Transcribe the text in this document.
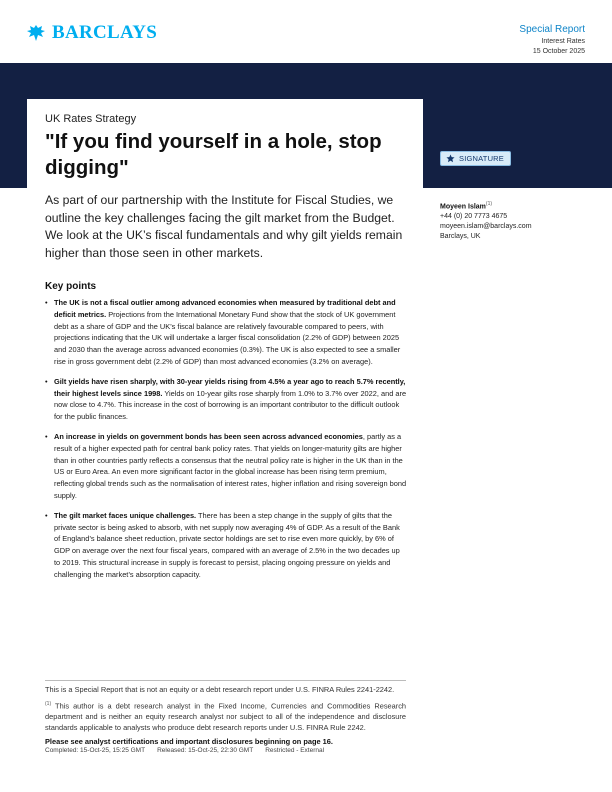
BARCLAYS	Special Report
Interest Rates
15 October 2025
UK Rates Strategy
"If you find yourself in a hole, stop digging"	SIGNATURE
Moyeen Islam$^{(1)}$
+44 (0) 20 7773 4675
moyeen.islam@barclays.com
Barclays, UK

As part of our partnership with the Institute for Fiscal Studies, we outline the key challenges facing the gilt market from the Budget. We look at the UK’s fiscal fundamentals and why gilt yields remain higher than those seen in other markets.

Key points
• The UK is not a fiscal outlier among advanced economies when measured by traditional debt and deficit metrics. Projections from the International Monetary Fund show that the stock of UK government debt as a share of GDP and the UK’s fiscal balance are relatively favourable compared to peers, with projections indicating that the UK will undertake a larger fiscal consolidation (2.2% of GDP) between 2025 and 2030 than the average across advanced economies (0.3%). The UK is also expected to see a smaller rise in gross government debt (2.2% of GDP) than most advanced economies (3.2% on average).
• Gilt yields have risen sharply, with 30-year yields rising from 4.5% a year ago to reach 5.7% recently, their highest levels since 1998. Yields on 10-year gilts rose sharply from 1.0% to 3.7% over 2022, and are now close to 4.7%. This increase in the cost of borrowing is an important contributor to the difficult outlook for the public finances.
• An increase in yields on government bonds has been seen across advanced economies, partly as a result of a higher expected path for central bank policy rates. That yields on longer-maturity gilts are higher than in other countries partly reflects a consensus that the neutral policy rate is higher in the UK than in the US or Euro Area. An even more significant factor in the global increase has been rising term premium, reflecting global trends such as the normalisation of interest rates, higher inflation and rising sovereign bond supply.
• The gilt market faces unique challenges. There has been a step change in the supply of gilts that the private sector is being asked to absorb, with net supply now averaging 4% of GDP. As a result of the Bank of England’s balance sheet reduction, private sector holdings are set to rise even more quickly, by 6% of GDP on average over the next four fiscal years, compared with an average of 2.5% in the two decades up to 2019. This structural increase in supply is forecast to persist, placing ongoing pressure on yields and challenging the market’s absorption capacity.

This is a Special Report that is not an equity or a debt research report under U.S. FINRA Rules 2241-2242.

$^{(1)}$ This author is a debt research analyst in the Fixed Income, Currencies and Commodities Research department and is neither an equity research analyst nor subject to all of the independence and disclosure standards applicable to analysts who produce debt research reports under U.S. FINRA Rule 2242.

Please see analyst certifications and important disclosures beginning on page 16.

Completed: 15-Oct-25, 15:25 GMT Released: 15-Oct-25, 22:30 GMT Restricted - External
